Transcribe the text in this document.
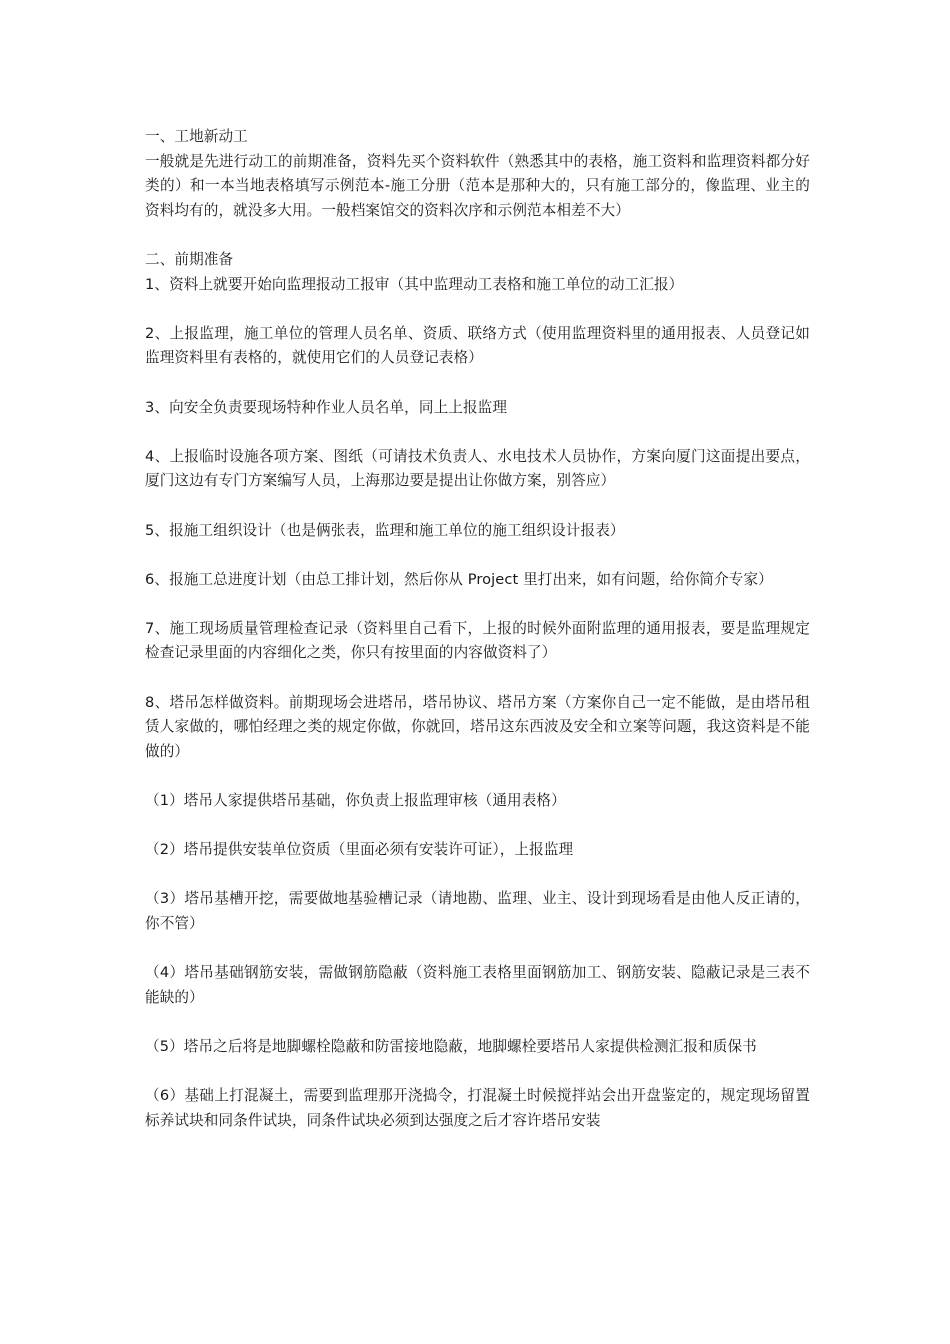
一、工地新动工

一般就是先进行动工的前期准备，资料先买个资料软件（熟悉其中的表格，施工资料和监理资料都分好类的）和一本当地表格填写示例范本-施工分册（范本是那种大的，只有施工部分的，像监理、业主的资料均有的，就没多大用。一般档案馆交的资料次序和示例范本相差不大）

二、前期准备

1、资料上就要开始向监理报动工报审（其中监理动工表格和施工单位的动工汇报）

2、上报监理，施工单位的管理人员名单、资质、联络方式（使用监理资料里的通用报表、人员登记如监理资料里有表格的，就使用它们的人员登记表格）

3、向安全负责要现场特种作业人员名单，同上上报监理

4、上报临时设施各项方案、图纸（可请技术负责人、水电技术人员协作，方案向厦门这面提出要点，厦门这边有专门方案编写人员，上海那边要是提出让你做方案，别答应）

5、报施工组织设计（也是俩张表，监理和施工单位的施工组织设计报表）

6、报施工总进度计划（由总工排计划，然后你从 Project 里打出来，如有问题，给你简介专家）

7、施工现场质量管理检查记录（资料里自己看下，上报的时候外面附监理的通用报表，要是监理规定检查记录里面的内容细化之类，你只有按里面的内容做资料了）

8、塔吊怎样做资料。前期现场会进塔吊，塔吊协议、塔吊方案（方案你自己一定不能做，是由塔吊租赁人家做的，哪怕经理之类的规定你做，你就回，塔吊这东西波及安全和立案等问题，我这资料是不能做的）

（1）塔吊人家提供塔吊基础，你负责上报监理审核（通用表格）

（2）塔吊提供安装单位资质（里面必须有安装许可证），上报监理

（3）塔吊基槽开挖，需要做地基验槽记录（请地勘、监理、业主、设计到现场看是由他人反正请的，你不管）

（4）塔吊基础钢筋安装，需做钢筋隐蔽（资料施工表格里面钢筋加工、钢筋安装、隐蔽记录是三表不能缺的）

（5）塔吊之后将是地脚螺栓隐蔽和防雷接地隐蔽，地脚螺栓要塔吊人家提供检测汇报和质保书

（6）基础上打混凝土，需要到监理那开浇捣令，打混凝土时候搅拌站会出开盘鉴定的，规定现场留置标养试块和同条件试块，同条件试块必须到达强度之后才容许塔吊安装
